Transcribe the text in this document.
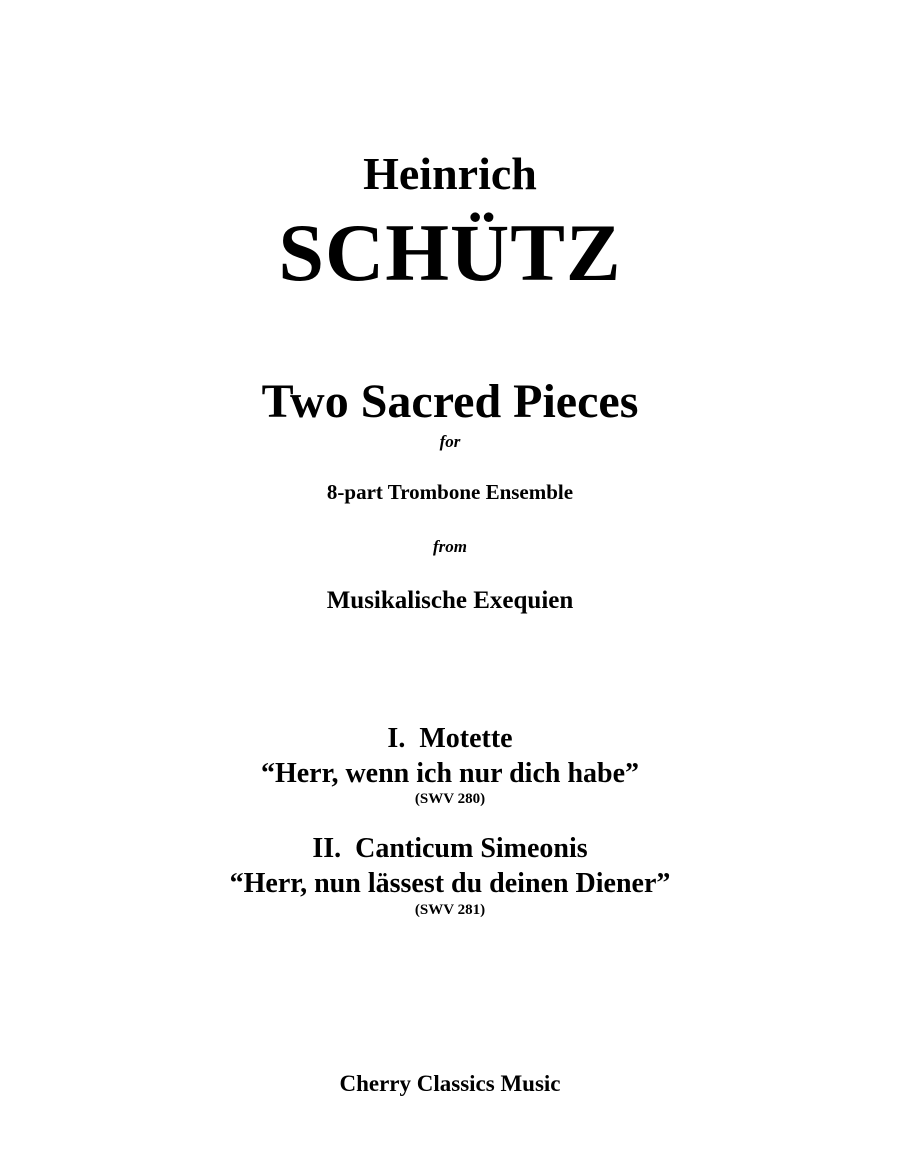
Heinrich
SCHÜTZ
Two Sacred Pieces
for
8-part Trombone Ensemble
from
Musikalische Exequien
I.  Motette
“Herr, wenn ich nur dich habe”
(SWV 280)
II.  Canticum Simeonis
“Herr, nun lässest du deinen Diener”
(SWV 281)
Cherry Classics Music
